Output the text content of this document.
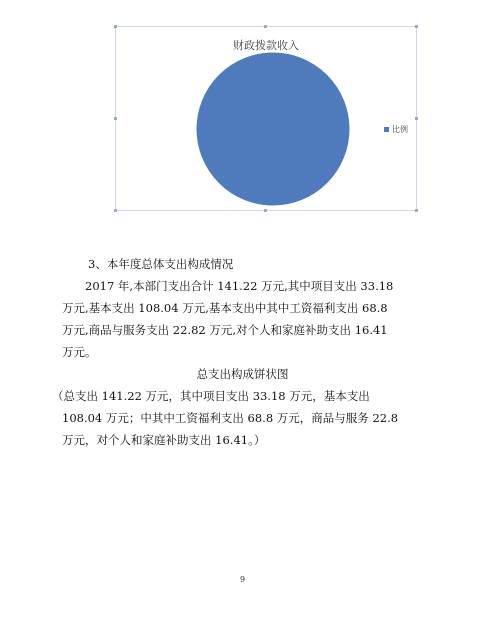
财政拨款收入
比例
3、本年度总体支出构成情况
2017 年,本部门支出合计 141.22 万元,其中项目支出 33.18
万元,基本支出 108.04 万元,基本支出中其中工资福利支出 68.8
万元,商品与服务支出 22.82 万元,对个人和家庭补助支出 16.41
万元。
总支出构成饼状图
（总支出 141.22 万元，其中项目支出 33.18 万元，基本支出
108.04 万元；中其中工资福利支出 68.8 万元，商品与服务 22.8
万元，对个人和家庭补助支出 16.41。）
9
